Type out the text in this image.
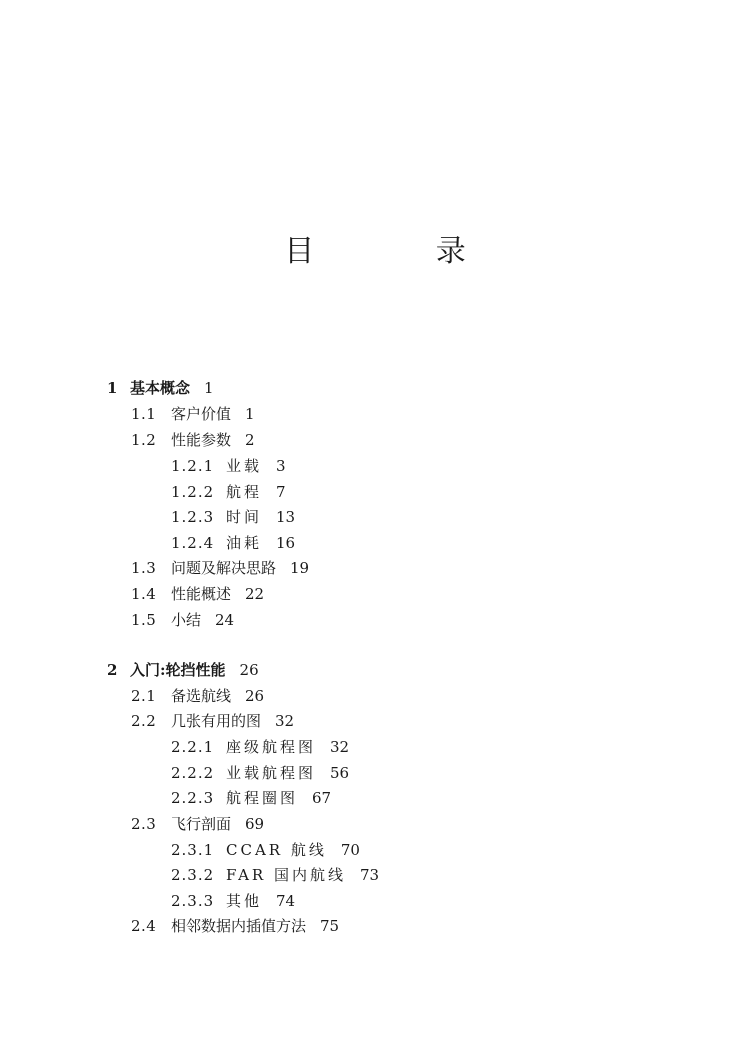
目 录
1 基本概念 1
1.1 客户价值 1
1.2 性能参数 2
1.2.1 业载 3
1.2.2 航程 7
1.2.3 时间 13
1.2.4 油耗 16
1.3 问题及解决思路 19
1.4 性能概述 22
1.5 小结 24
2 入门:轮挡性能 26
2.1 备选航线 26
2.2 几张有用的图 32
2.2.1 座级航程图 32
2.2.2 业载航程图 56
2.2.3 航程圈图 67
2.3 飞行剖面 69
2.3.1 CCAR 航线 70
2.3.2 FAR 国内航线 73
2.3.3 其他 74
2.4 相邻数据内插值方法 75
